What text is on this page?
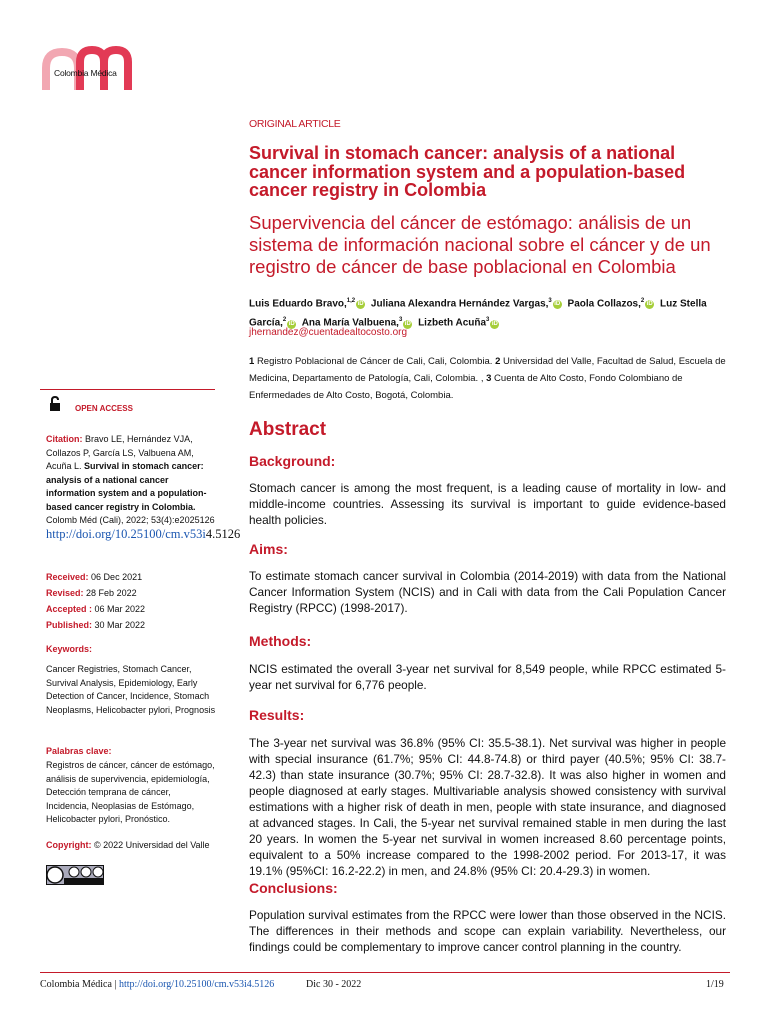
Colombia Médica
ORIGINAL ARTICLE
Survival in stomach cancer: analysis of a national cancer information system and a population-based cancer registry in Colombia
Supervivencia del cáncer de estómago: análisis de un sistema de información nacional sobre el cáncer y de un registro de cáncer de base poblacional en Colombia
Luis Eduardo Bravo,$^{1,2}$iD Juliana Alexandra Hernández Vargas,$^3$iD Paola Collazos,$^2$iD Luz Stella García,$^2$iD Ana María Valbuena,$^3$iD Lizbeth Acuña$^3$iD
jhernandez@cuentadealtocosto.org
1 Registro Poblacional de Cáncer de Cali, Cali, Colombia. 2 Universidad del Valle, Facultad de Salud, Escuela de Medicina, Departamento de Patología, Cali, Colombia. , 3 Cuenta de Alto Costo, Fondo Colombiano de Enfermedades de Alto Costo, Bogotá, Colombia.
OPEN ACCESS
Citation: Bravo LE, Hernández VJA, Collazos P, García LS, Valbuena AM, Acuña L. Survival in stomach cancer: analysis of a national cancer information system and a population-based cancer registry in Colombia. Colomb Méd (Cali), 2022; 53(4):e2025126 http://doi.org/10.25100/cm.v53i4.5126
Received: 06 Dec 2021
Revised: 28 Feb 2022
Accepted : 06 Mar 2022
Published: 30 Mar 2022
Keywords:
Cancer Registries, Stomach Cancer, Survival Analysis, Epidemiology, Early Detection of Cancer, Incidence, Stomach Neoplasms, Helicobacter pylori, Prognosis
Palabras clave:
Registros de cáncer, cáncer de estómago, análisis de supervivencia, epidemiología, Detección temprana de cáncer, Incidencia, Neoplasias de Estómago, Helicobacter pylori, Pronóstico.
Copyright: © 2022 Universidad del Valle
Abstract
Background:
Stomach cancer is among the most frequent, is a leading cause of mortality in low- and middle-income countries. Assessing its survival is important to guide evidence-based health policies.
Aims:
To estimate stomach cancer survival in Colombia (2014-2019) with data from the National Cancer Information System (NCIS) and in Cali with data from the Cali Population Cancer Registry (RPCC) (1998-2017).
Methods:
NCIS estimated the overall 3-year net survival for 8,549 people, while RPCC estimated 5-year net survival for 6,776 people.
Results:
The 3-year net survival was 36.8% (95% CI: 35.5-38.1). Net survival was higher in people with special insurance (61.7%; 95% CI: 44.8-74.8) or third payer (40.5%; 95% CI: 38.7-42.3) than state insurance (30.7%; 95% CI: 28.7-32.8). It was also higher in women and people diagnosed at early stages. Multivariable analysis showed consistency with survival estimations with a higher risk of death in men, people with state insurance, and diagnosed at advanced stages. In Cali, the 5-year net survival remained stable in men during the last 20 years. In women the 5-year net survival in women increased 8.60 percentage points, equivalent to a 50% increase compared to the 1998-2002 period. For 2013-17, it was 19.1% (95%CI: 16.2-22.2) in men, and 24.8% (95% CI: 20.4-29.3) in women.
Conclusions:
Population survival estimates from the RPCC were lower than those observed in the NCIS. The differences in their methods and scope can explain variability. Nevertheless, our findings could be complementary to improve cancer control planning in the country.
Colombia Médica | http://doi.org/10.25100/cm.v53i4.5126	Dic 30 - 2022	1/19
